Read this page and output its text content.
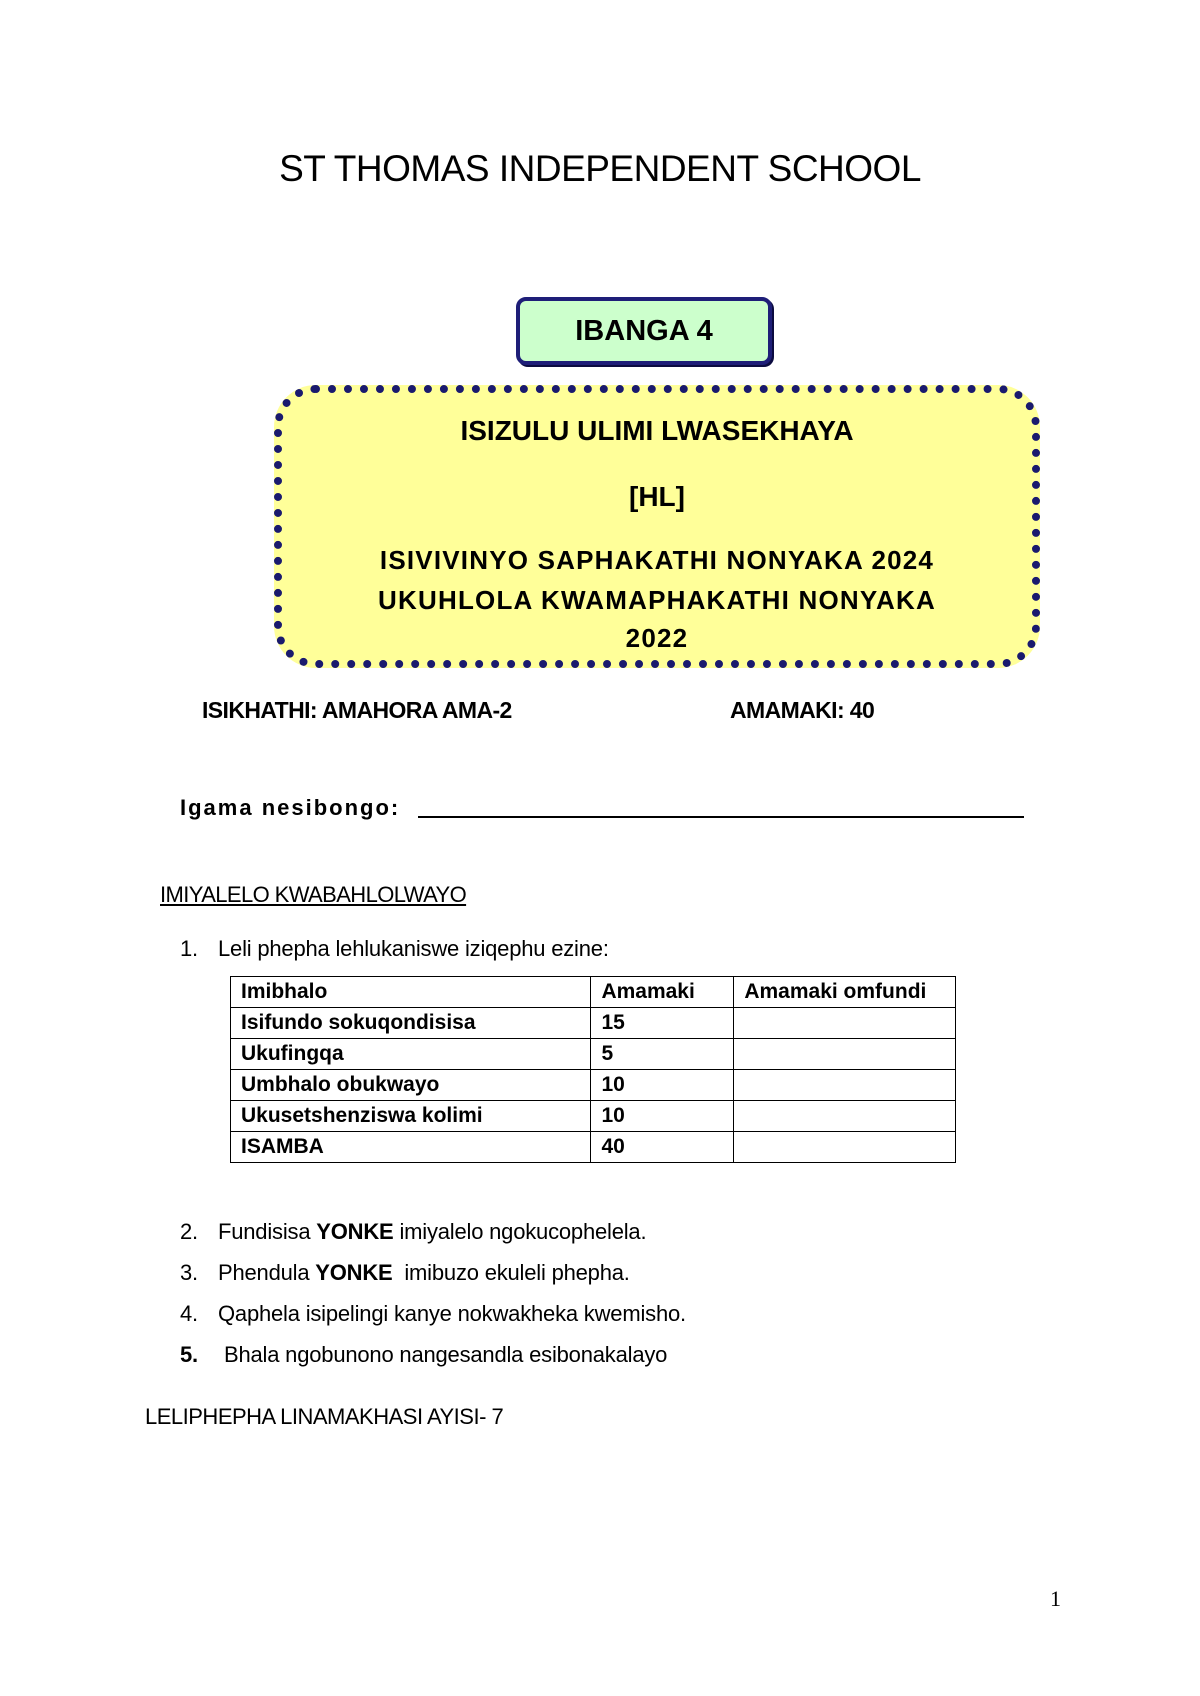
ST THOMAS INDEPENDENT SCHOOL
IBANGA 4
ISIZULU ULIMI LWASEKHAYA
[HL]
ISIVIVINYO SAPHAKATHI NONYAKA 2024
UKUHLOLA KWAMAPHAKATHI NONYAKA
2022
ISIKHATHI: AMAHORA AMA-2	AMAMAKI: 40
Igama nesibongo:
IMIYALELO KWABAHLOLWAYO
1. Leli phepha lehlukaniswe iziqephu ezine:
Imibhalo	Amamaki	Amamaki omfundi
Isifundo sokuqondisisa	15	
Ukufingqa	5	
Umbhalo obukwayo	10	
Ukusetshenziswa kolimi	10	
ISAMBA	40	
2. Fundisisa YONKE imiyalelo ngokucophelela.
3. Phendula YONKE  imibuzo ekuleli phepha.
4. Qaphela isipelingi kanye nokwakheka kwemisho.
5. Bhala ngobunono nangesandla esibonakalayo
LELIPHEPHA LINAMAKHASI AYISI- 7
1
